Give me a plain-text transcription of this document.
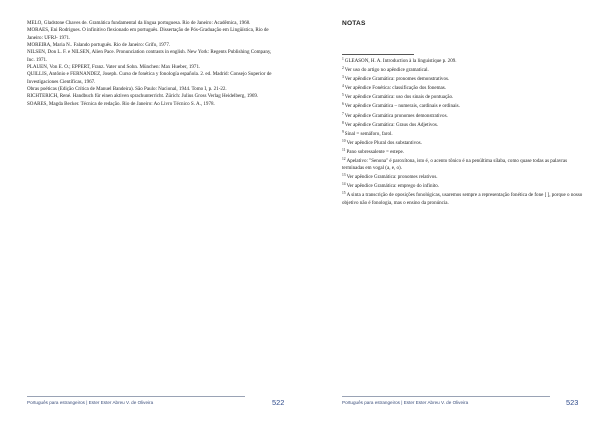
MELO, Gladstone Chaves de. Gramática fundamental da língua portuguesa. Rio de Janeiro: Acadêmica, 1968.

MORAES, Eni Rodrigues. O infinitivo flexionado em português. Dissertação de Pós-Graduação em Lingüística, Rio de Janeiro: UFRJ- 1971.

MOREIRA, Maria N.. Falando português. Rio de Janeiro: Grifo, 1977.

NILSEN, Don L. F. e NILSEN, Alien Pace. Pronunciation contrasts in english. New York: Regents Publishing Company, Inc. 1971.

PLAUEN, Von E. O.; EPPERT, Franz. Vater und Sohn. München: Max Hueber, 1971.

QUILLIS, Antônio e FERNANDEZ, Joseph. Curso de fonética y fonología española. 2. ed. Madrid: Consejo Superior de Investigaciones Científicas, 1967.

Obras poéticas (Edição Crítica de Manuel Bandeira). São Paulo: Nacional, 1944. Tomo I, p. 21-22.

RICHTERICH, René. Handbuch für einen aktiven sprachunterricht. Zürich: Julius Gross Verlag Heidelberg, 1969.

SOARES, Magda Becker. Técnica de redação. Rio de Janeiro: Ao Livro Técnico S. A., 1978.

Português para estrangeiros | Ester Ester Abreu V. de Oliveira	522
NOTAS

$^1$GLEASON, H. A. Introduction à la linguistique p. 209.

$^2$Ver uso do artigo no apêndice gramatical.

$^3$Ver apêndice Gramática: pronomes demonstrativos.

$^4$Ver apêndice Fonética: classificação dos fonemas.

$^5$Ver apêndice Gramática: uso dos sinais de pontuação.

$^6$Ver apêndice Gramática – numerais, cardinais e ordinais.

$^7$Ver apêndice Gramática pronomes demonstrativos.

$^8$Ver apêndice Gramática: Graus dos Adjetivos.

$^9$Sinal = semáforo, farol.

$^{10}$Ver apêndice Plural dos substantivos.

$^{11}$Pano sobressalente = estepe.

$^{12}$Apelativo: "Senona" é paroxítona, isto é, o acento tônico é na penúltima sílaba, como quase todas as palavras terminadas em vogal (a, e, o).

$^{13}$Ver apêndice Gramática: pronomes relativos.

$^{14}$Ver apêndice Gramática: emprego do infinito.

$^{15}$A sinta a transcrição de oposições fonológicas, usaremos sempre a representação fonética de fone [ ], porque o nosso objetivo não é fonologia, mas o ensino da pronúncia.

Português para estrangeiros | Ester Ester Abreu V. de Oliveira	523
